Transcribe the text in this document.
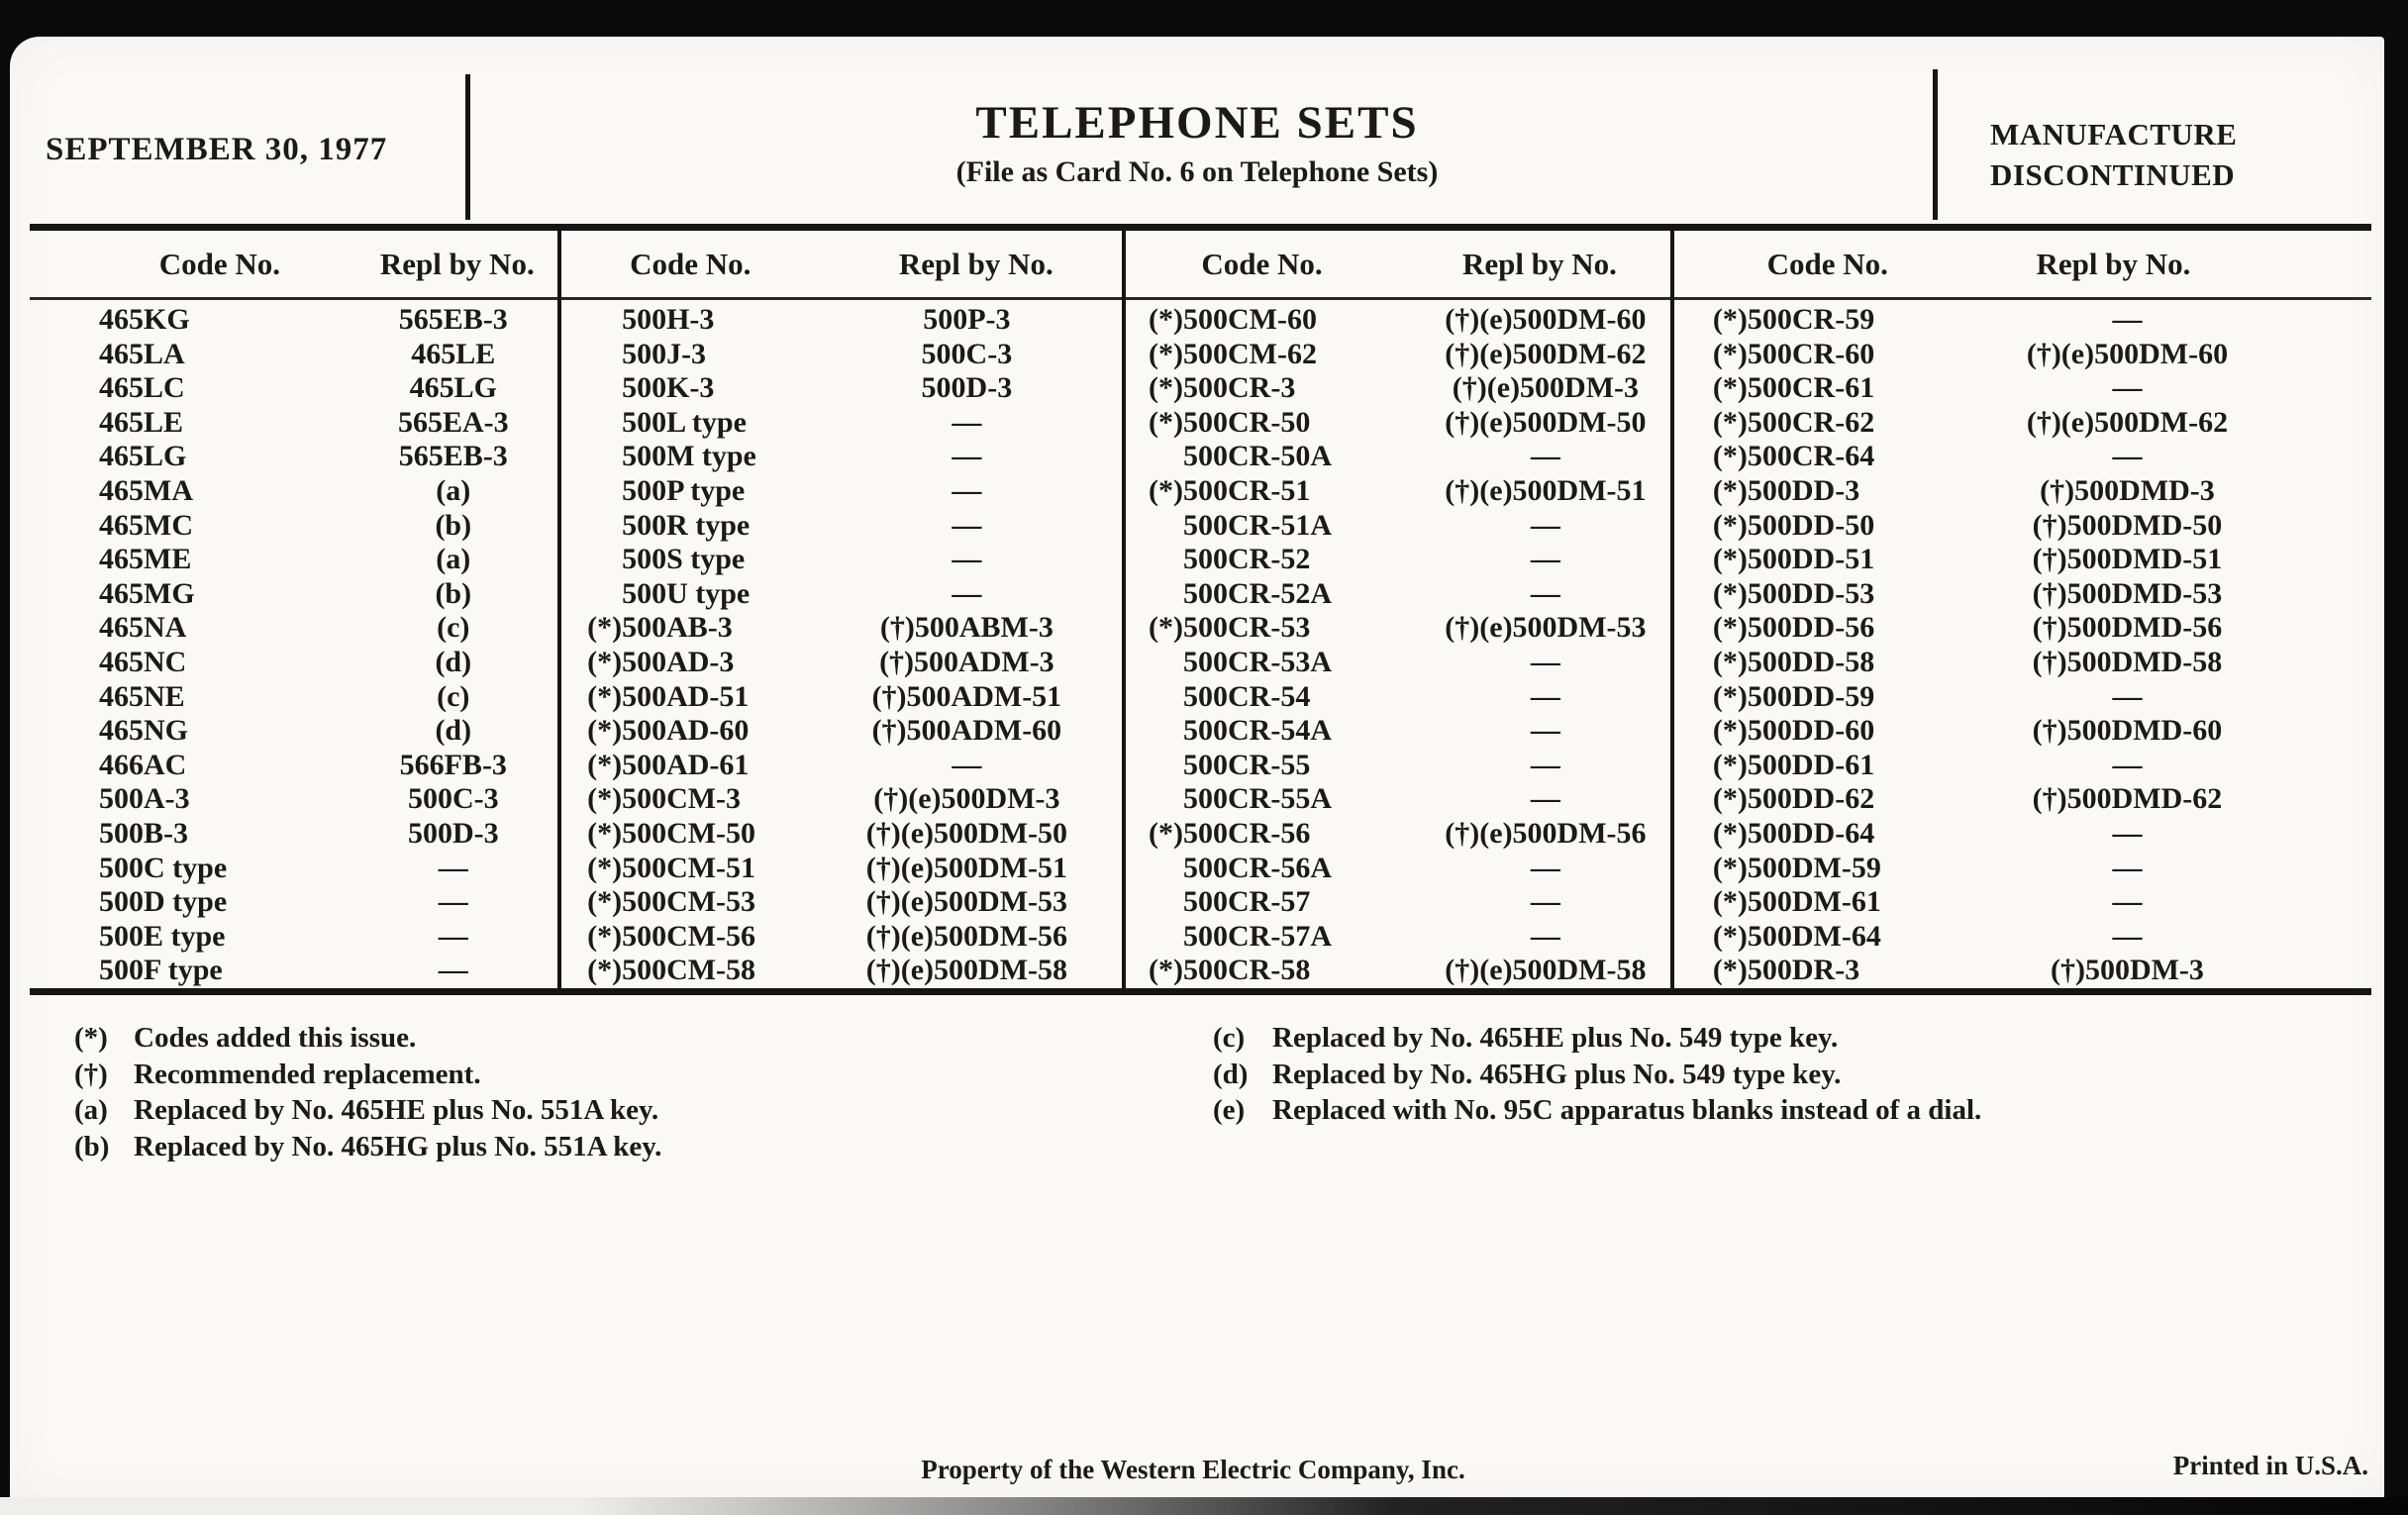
SEPTEMBER 30, 1977
TELEPHONE SETS
(File as Card No. 6 on Telephone Sets)
MANUFACTURE
DISCONTINUED
Code No.	Repl by No.
465KG	565EB-3
465LA	465LE
465LC	465LG
465LE	565EA-3
465LG	565EB-3
465MA	(a)
465MC	(b)
465ME	(a)
465MG	(b)
465NA	(c)
465NC	(d)
465NE	(c)
465NG	(d)
466AC	566FB-3
500A-3	500C-3
500B-3	500D-3
500C type	—
500D type	—
500E type	—
500F type	—
Code No.	Repl by No.
500H-3	500P-3
500J-3	500C-3
500K-3	500D-3
500L type	—
500M type	—
500P type	—
500R type	—
500S type	—
500U type	—
(*) 500AB-3	(†)500ABM-3
(*) 500AD-3	(†)500ADM-3
(*) 500AD-51	(†)500ADM-51
(*) 500AD-60	(†)500ADM-60
(*) 500AD-61	—
(*) 500CM-3	(†)(e)500DM-3
(*) 500CM-50	(†)(e)500DM-50
(*) 500CM-51	(†)(e)500DM-51
(*) 500CM-53	(†)(e)500DM-53
(*) 500CM-56	(†)(e)500DM-56
(*) 500CM-58	(†)(e)500DM-58
Code No.	Repl by No.
(*) 500CM-60	(†)(e)500DM-60
(*) 500CM-62	(†)(e)500DM-62
(*) 500CR-3	(†)(e)500DM-3
(*) 500CR-50	(†)(e)500DM-50
500CR-50A	—
(*) 500CR-51	(†)(e)500DM-51
500CR-51A	—
500CR-52	—
500CR-52A	—
(*) 500CR-53	(†)(e)500DM-53
500CR-53A	—
500CR-54	—
500CR-54A	—
500CR-55	—
500CR-55A	—
(*) 500CR-56	(†)(e)500DM-56
500CR-56A	—
500CR-57	—
500CR-57A	—
(*) 500CR-58	(†)(e)500DM-58
Code No.	Repl by No.
(*) 500CR-59	—
(*) 500CR-60	(†)(e)500DM-60
(*) 500CR-61	—
(*) 500CR-62	(†)(e)500DM-62
(*) 500CR-64	—
(*) 500DD-3	(†)500DMD-3
(*) 500DD-50	(†)500DMD-50
(*) 500DD-51	(†)500DMD-51
(*) 500DD-53	(†)500DMD-53
(*) 500DD-56	(†)500DMD-56
(*) 500DD-58	(†)500DMD-58
(*) 500DD-59	—
(*) 500DD-60	(†)500DMD-60
(*) 500DD-61	—
(*) 500DD-62	(†)500DMD-62
(*) 500DD-64	—
(*) 500DM-59	—
(*) 500DM-61	—
(*) 500DM-64	—
(*) 500DR-3	(†)500DM-3
(*) Codes added this issue.
(†) Recommended replacement.
(a) Replaced by No. 465HE plus No. 551A key.
(b) Replaced by No. 465HG plus No. 551A key.
(c) Replaced by No. 465HE plus No. 549 type key.
(d) Replaced by No. 465HG plus No. 549 type key.
(e) Replaced with No. 95C apparatus blanks instead of a dial.
Property of the Western Electric Company, Inc.	Printed in U.S.A.
